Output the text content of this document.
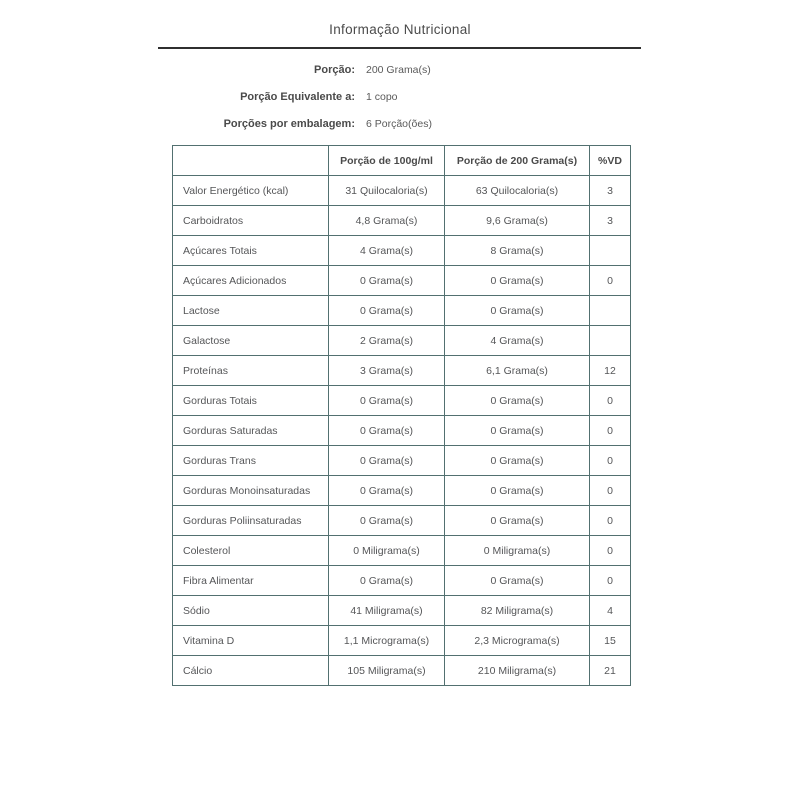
Informação Nutricional
Porção: 200 Grama(s)
Porção Equivalente a: 1 copo
Porções por embalagem: 6 Porção(ões)
	Porção de 100g/ml	Porção de 200 Grama(s)	%VD
Valor Energético (kcal)	31 Quilocaloria(s)	63 Quilocaloria(s)	3
Carboidratos	4,8 Grama(s)	9,6 Grama(s)	3
Açúcares Totais	4 Grama(s)	8 Grama(s)	
Açúcares Adicionados	0 Grama(s)	0 Grama(s)	0
Lactose	0 Grama(s)	0 Grama(s)	
Galactose	2 Grama(s)	4 Grama(s)	
Proteínas	3 Grama(s)	6,1 Grama(s)	12
Gorduras Totais	0 Grama(s)	0 Grama(s)	0
Gorduras Saturadas	0 Grama(s)	0 Grama(s)	0
Gorduras Trans	0 Grama(s)	0 Grama(s)	0
Gorduras Monoinsaturadas	0 Grama(s)	0 Grama(s)	0
Gorduras Poliinsaturadas	0 Grama(s)	0 Grama(s)	0
Colesterol	0 Miligrama(s)	0 Miligrama(s)	0
Fibra Alimentar	0 Grama(s)	0 Grama(s)	0
Sódio	41 Miligrama(s)	82 Miligrama(s)	4
Vitamina D	1,1 Micrograma(s)	2,3 Micrograma(s)	15
Cálcio	105 Miligrama(s)	210 Miligrama(s)	21
